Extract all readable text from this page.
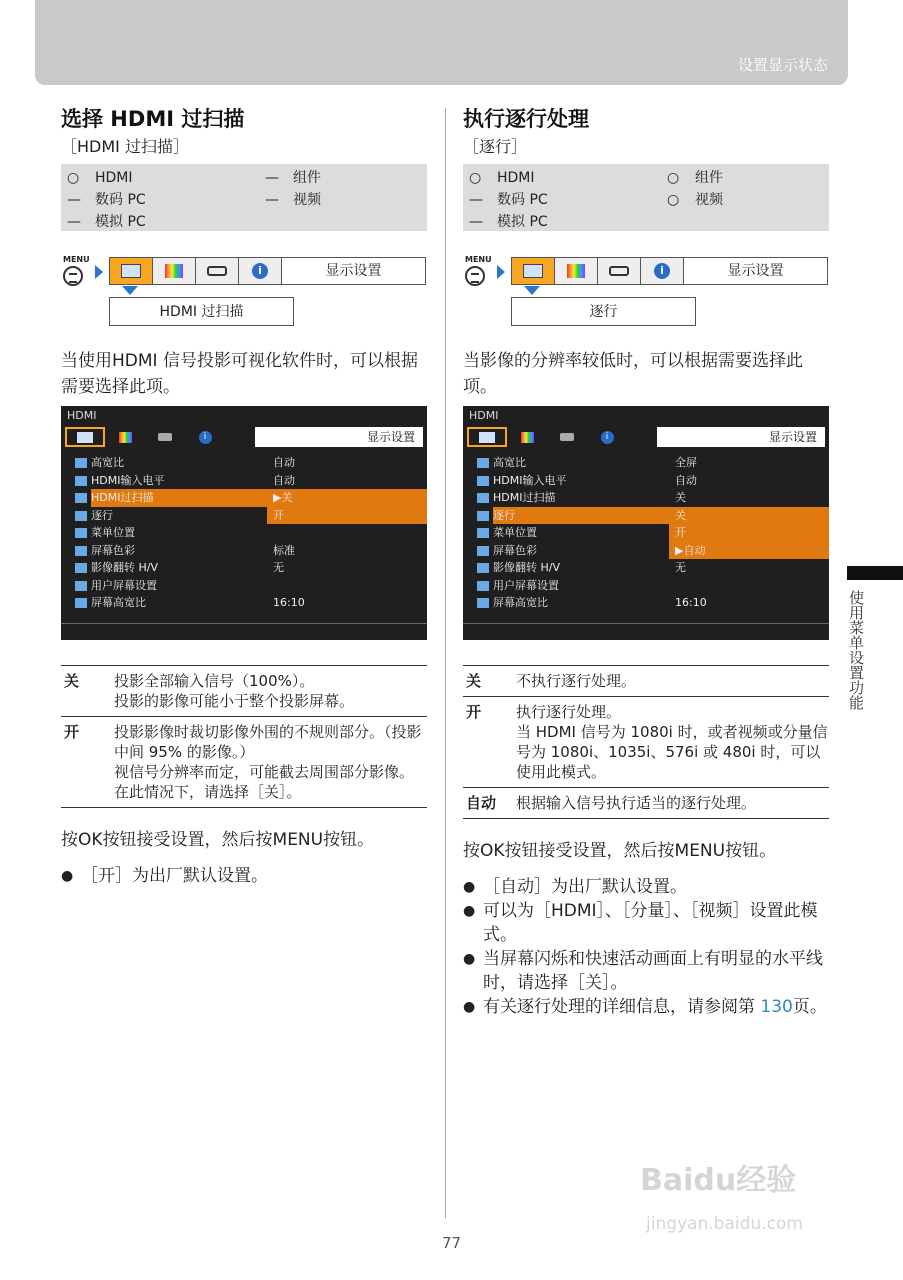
设置显示状态
选择 HDMI 过扫描
［HDMI 过扫描］
○	HDMI	—	组件
—	数码 PC	—	视频
—	模拟 PC
MENU
i	显示设置
HDMI 过扫描
当使用HDMI 信号投影可视化软件时，可以根据需要选择此项。
HDMI
i	显示设置
高宽比	自动
HDMI输入电平	自动
HDMI过扫描	▶关
逐行	开
菜单位置
屏幕色彩	标准
影像翻转 H/V	无
用户屏幕设置
屏幕高宽比	16:10
关	投影全部输入信号（100%）。
投影的影像可能小于整个投影屏幕。
开	投影影像时裁切影像外围的不规则部分。（投影中间 95% 的影像。）
视信号分辨率而定，可能截去周围部分影像。在此情况下，请选择［关］。
按OK按钮接受设置，然后按MENU按钮。
● ［开］为出厂默认设置。
执行逐行处理
［逐行］
○	HDMI	○	组件
—	数码 PC	○	视频
—	模拟 PC
MENU
i	显示设置
逐行
当影像的分辨率较低时，可以根据需要选择此项。
HDMI
i	显示设置
高宽比	全屏
HDMI输入电平	自动
HDMI过扫描	关
逐行	关
菜单位置	开
屏幕色彩	▶自动
影像翻转 H/V	无
用户屏幕设置
屏幕高宽比	16:10
关	不执行逐行处理。
开	执行逐行处理。
当 HDMI 信号为 1080i 时，或者视频或分量信号为 1080i、1035i、576i 或 480i 时，可以使用此模式。
自动	根据输入信号执行适当的逐行处理。
按OK按钮接受设置，然后按MENU按钮。
● ［自动］为出厂默认设置。
● 可以为［HDMI］、［分量］、［视频］设置此模式。
● 当屏幕闪烁和快速活动画面上有明显的水平线时，请选择［关］。
● 有关逐行处理的详细信息，请参阅第 130页。
使用菜单设置功能
Baidu经验
jingyan.baidu.com
77
